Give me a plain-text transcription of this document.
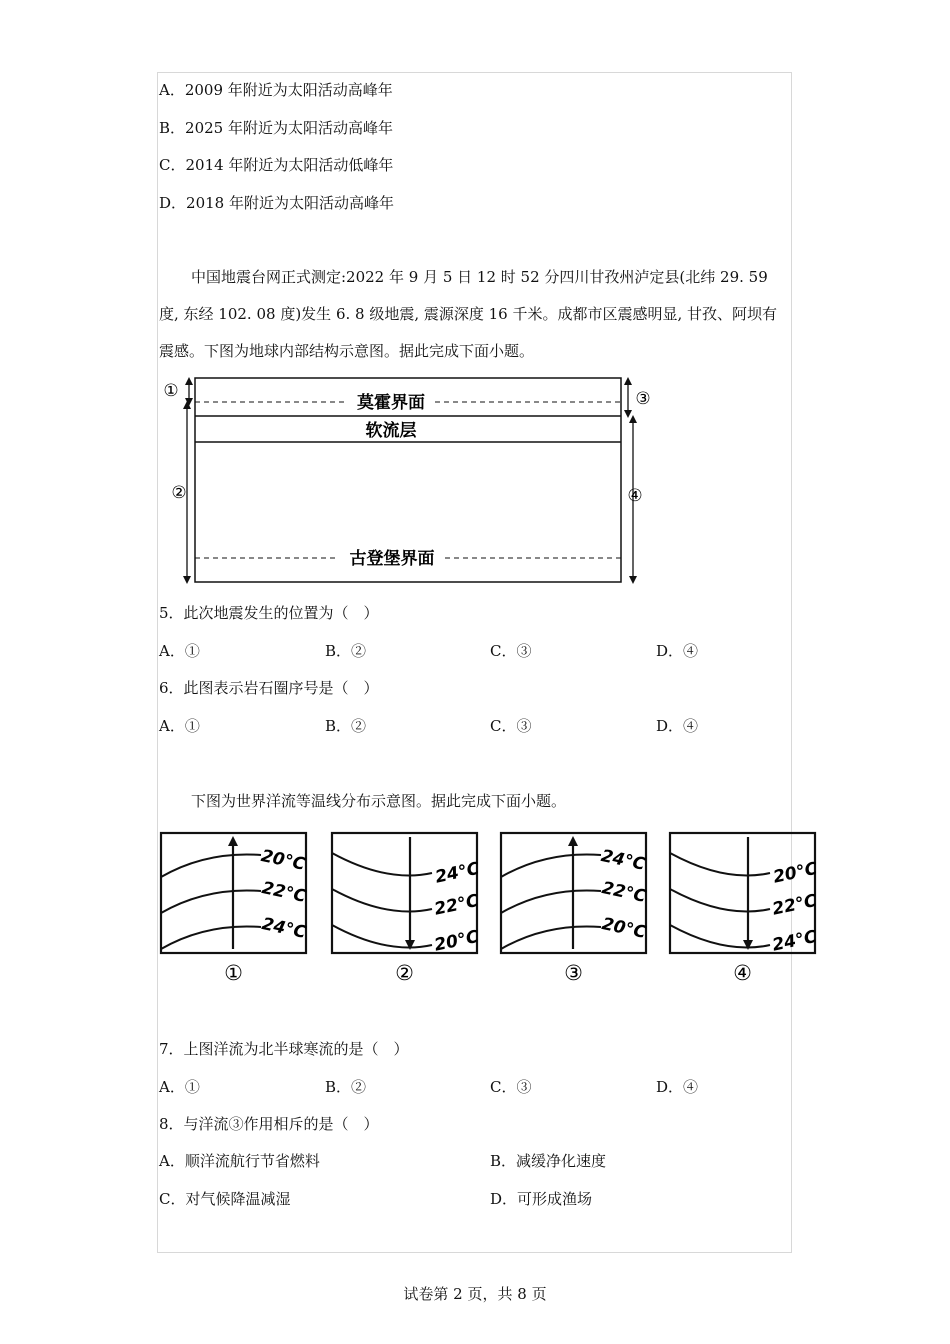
A．2009 年附近为太阳活动高峰年
B．2025 年附近为太阳活动高峰年
C．2014 年附近为太阳活动低峰年
D．2018 年附近为太阳活动高峰年
中国地震台网正式测定:2022 年 9 月 5 日 12 时 52 分四川甘孜州泸定县(北纬 29. 59 度, 东经 102. 08 度)发生 6. 8 级地震, 震源深度 16 千米。成都市区震感明显, 甘孜、阿坝有震感。下图为地球内部结构示意图。据此完成下面小题。
莫霍界面
软流层
古登堡界面
①
②
③
④
5．此次地震发生的位置为（　）
A．①	B．②	C．③	D．④
6．此图表示岩石圈序号是（　）
A．①	B．②	C．③	D．④
下图为世界洋流等温线分布示意图。据此完成下面小题。
20°C
22°C
24°C
①
24°C
22°C
20°C
②
24°C
22°C
20°C
③
20°C
22°C
24°C
④
7．上图洋流为北半球寒流的是（　）
A．①	B．②	C．③	D．④
8．与洋流③作用相斥的是（　）
A．顺洋流航行节省燃料	B．减缓净化速度
C．对气候降温减湿	D．可形成渔场
试卷第 2 页，共 8 页
